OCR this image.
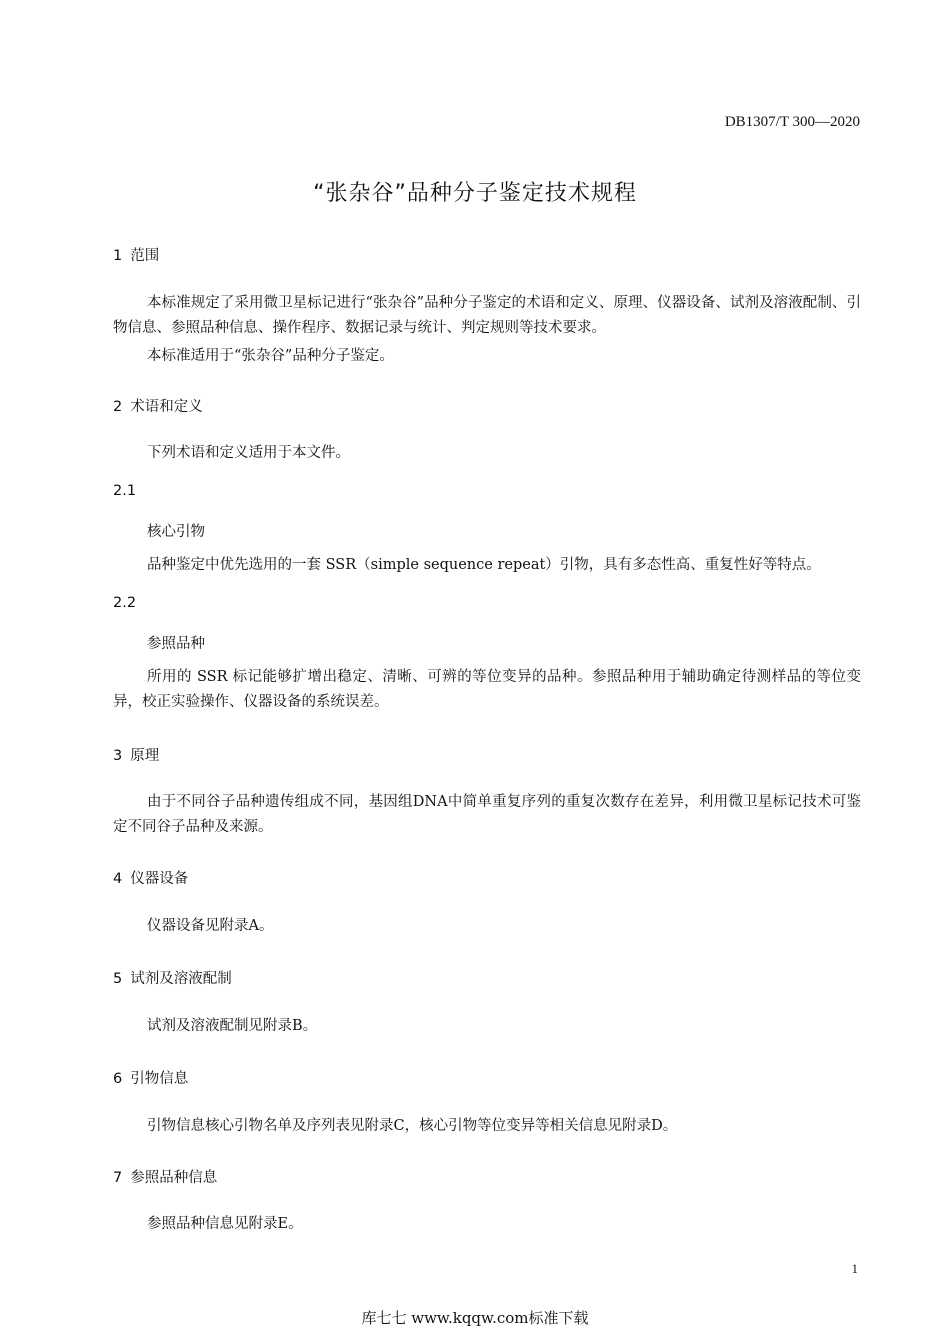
DB1307/T 300—2020
“张杂谷”品种分子鉴定技术规程
1 范围
本标准规定了采用微卫星标记进行“张杂谷”品种分子鉴定的术语和定义、原理、仪器设备、试剂及溶液配制、引物信息、参照品种信息、操作程序、数据记录与统计、判定规则等技术要求。
本标准适用于“张杂谷”品种分子鉴定。
2 术语和定义
下列术语和定义适用于本文件。
2.1
核心引物
品种鉴定中优先选用的一套 SSR（simple sequence repeat）引物，具有多态性高、重复性好等特点。
2.2
参照品种
所用的 SSR 标记能够扩增出稳定、清晰、可辨的等位变异的品种。参照品种用于辅助确定待测样品的等位变异，校正实验操作、仪器设备的系统误差。
3 原理
由于不同谷子品种遗传组成不同，基因组DNA中简单重复序列的重复次数存在差异，利用微卫星标记技术可鉴定不同谷子品种及来源。
4 仪器设备
仪器设备见附录A。
5 试剂及溶液配制
试剂及溶液配制见附录B。
6 引物信息
引物信息核心引物名单及序列表见附录C，核心引物等位变异等相关信息见附录D。
7 参照品种信息
参照品种信息见附录E。
1
库七七 www.kqqw.com标准下载
